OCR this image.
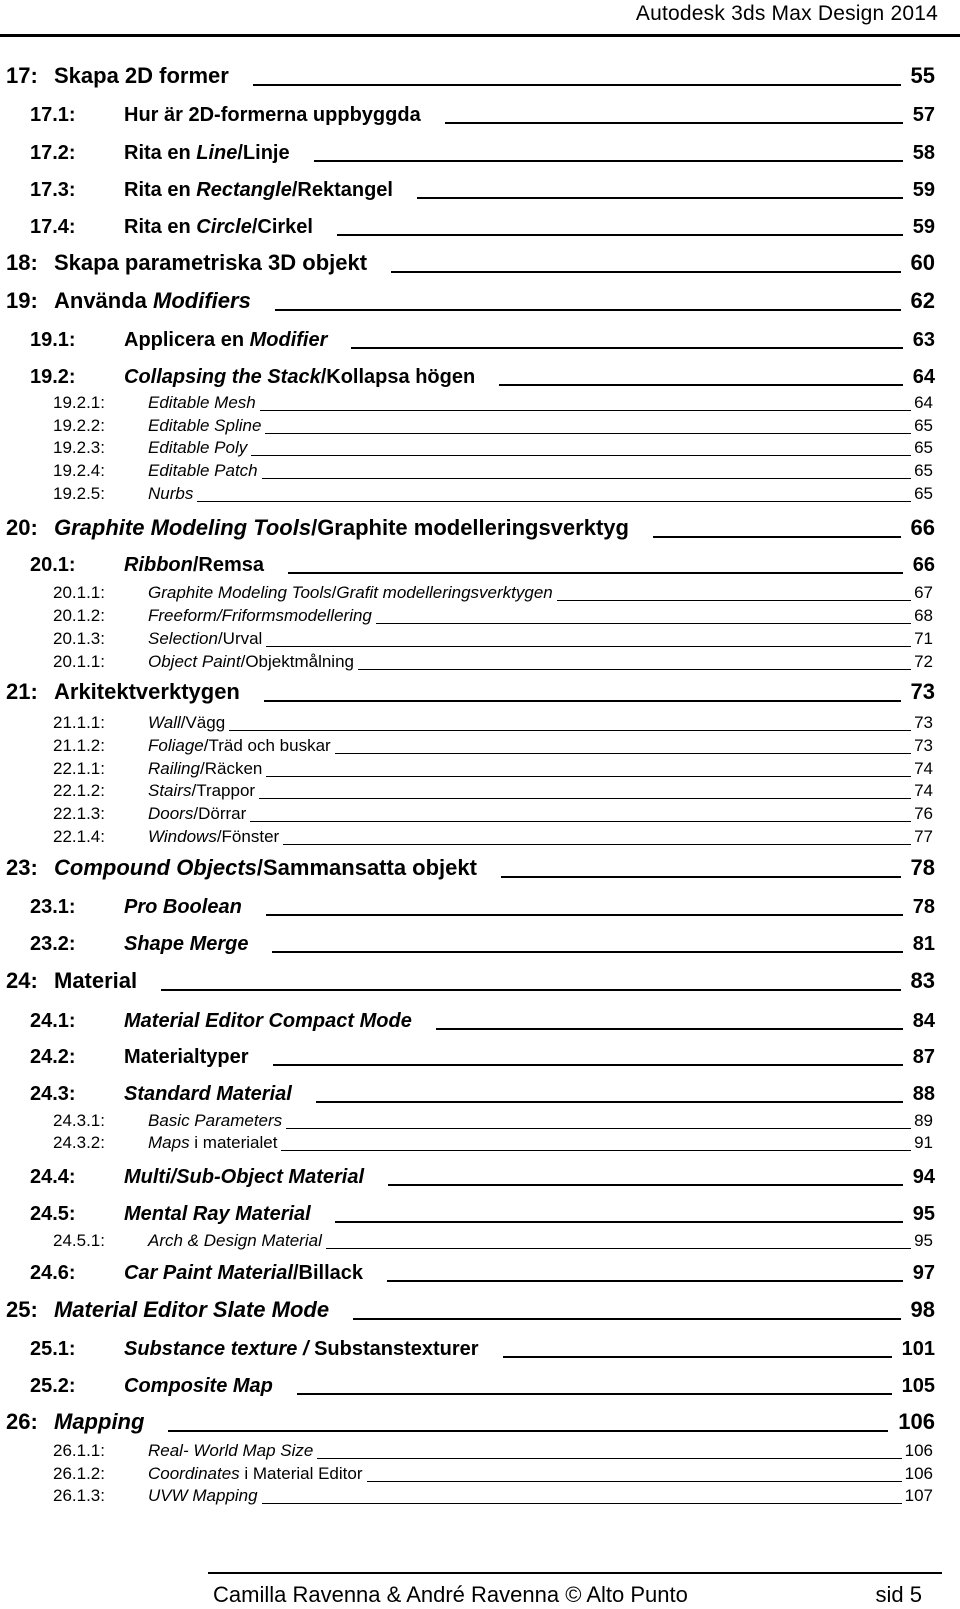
Autodesk 3ds Max Design 2014
17: Skapa 2D former	55
17.1: Hur är 2D-formerna uppbyggda	57
17.2: Rita en Line/Linje	58
17.3: Rita en Rectangle/Rektangel	59
17.4: Rita en Circle/Cirkel	59
18: Skapa parametriska 3D objekt	60
19: Använda Modifiers	62
19.1: Applicera en Modifier	63
19.2: Collapsing the Stack/Kollapsa högen	64
19.2.1:	Editable Mesh	64
19.2.2:	Editable Spline	65
19.2.3:	Editable Poly	65
19.2.4:	Editable Patch	65
19.2.5:	Nurbs	65
20: Graphite Modeling Tools/Graphite modelleringsverktyg	66
20.1: Ribbon/Remsa	66
20.1.1:	Graphite Modeling Tools/Grafit modelleringsverktygen	67
20.1.2:	Freeform/Friformsmodellering	68
20.1.3:	Selection/Urval	71
20.1.1:	Object Paint/Objektmålning	72
21: Arkitektverktygen	73
21.1.1:	Wall/Vägg	73
21.1.2:	Foliage/Träd och buskar	73
22.1.1:	Railing/Räcken	74
22.1.2:	Stairs/Trappor	74
22.1.3:	Doors/Dörrar	76
22.1.4:	Windows/Fönster	77
23: Compound Objects/Sammansatta objekt	78
23.1: Pro Boolean	78
23.2: Shape Merge	81
24: Material	83
24.1: Material Editor Compact Mode	84
24.2: Materialtyper	87
24.3: Standard Material	88
24.3.1:	Basic Parameters	89
24.3.2:	Maps i materialet	91
24.4: Multi/Sub-Object Material	94
24.5: Mental Ray Material	95
24.5.1:	Arch & Design Material	95
24.6: Car Paint Material/Billack	97
25: Material Editor Slate Mode	98
25.1: Substance texture / Substanstexturer	101
25.2: Composite Map	105
26: Mapping	106
26.1.1:	Real- World Map Size	106
26.1.2:	Coordinates i Material Editor	106
26.1.3:	UVW Mapping	107
Camilla Ravenna & André Ravenna © Alto Punto	sid 5
